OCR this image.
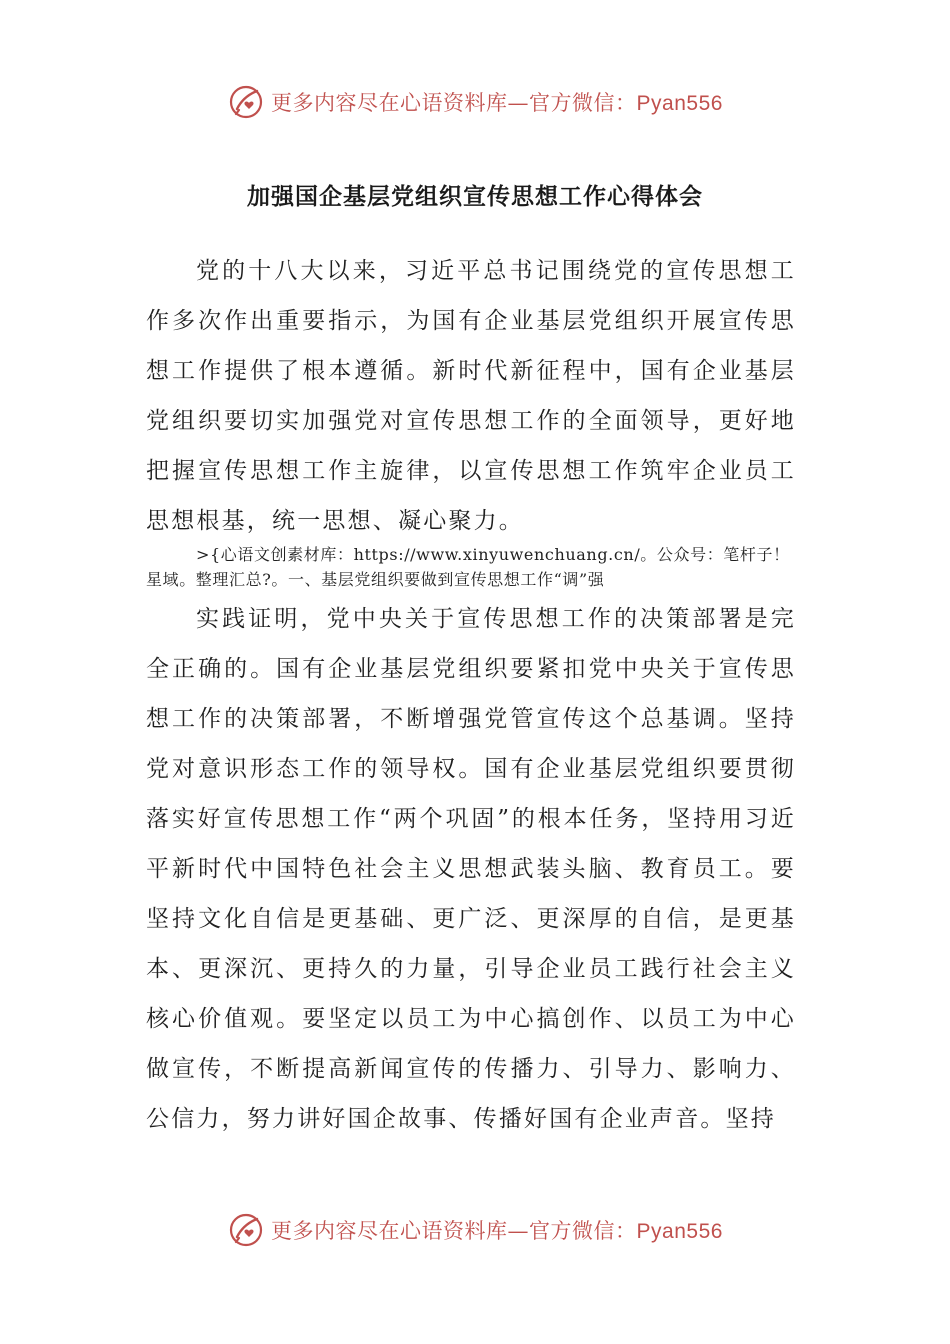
更多内容尽在心语资料库—官方微信：Pyan556
加强国企基层党组织宣传思想工作心得体会

党的十八大以来，习近平总书记围绕党的宣传思想工作多次作出重要指示，为国有企业基层党组织开展宣传思想工作提供了根本遵循。新时代新征程中，国有企业基层党组织要切实加强党对宣传思想工作的全面领导，更好地把握宣传思想工作主旋律，以宣传思想工作筑牢企业员工思想根基，统一思想、凝心聚力。

>{心语文创素材库：https://www.xinyuwenchuang.cn/。公众号：笔杆子！星域。整理汇总?。一、基层党组织要做到宣传思想工作“调”强

实践证明，党中央关于宣传思想工作的决策部署是完全正确的。国有企业基层党组织要紧扣党中央关于宣传思想工作的决策部署，不断增强党管宣传这个总基调。坚持党对意识形态工作的领导权。国有企业基层党组织要贯彻落实好宣传思想工作“两个巩固”的根本任务，坚持用习近平新时代中国特色社会主义思想武装头脑、教育员工。要坚持文化自信是更基础、更广泛、更深厚的自信，是更基本、更深沉、更持久的力量，引导企业员工践行社会主义核心价值观。要坚定以员工为中心搞创作、以员工为中心做宣传，不断提高新闻宣传的传播力、引导力、影响力、公信力，努力讲好国企故事、传播好国有企业声音。坚持

更多内容尽在心语资料库—官方微信：Pyan556
